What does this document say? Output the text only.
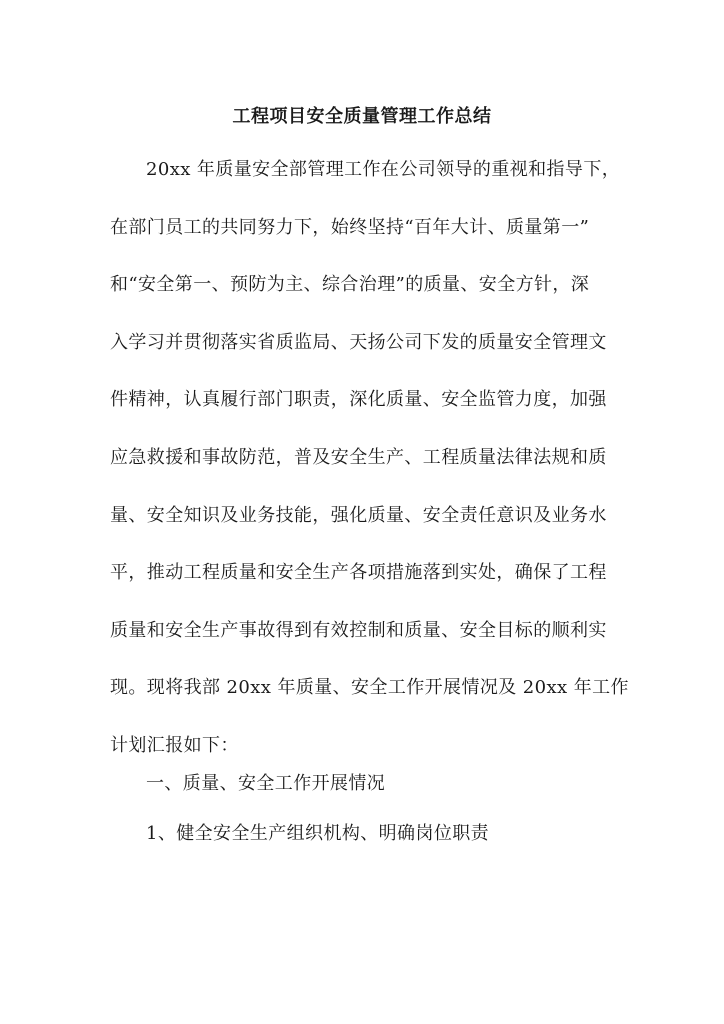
工程项目安全质量管理工作总结
20xx 年质量安全部管理工作在公司领导的重视和指导下，
在部门员工的共同努力下，始终坚持“百年大计、质量第一”
和“安全第一、预防为主、综合治理”的质量、安全方针，深
入学习并贯彻落实省质监局、天扬公司下发的质量安全管理文
件精神，认真履行部门职责，深化质量、安全监管力度，加强
应急救援和事故防范，普及安全生产、工程质量法律法规和质
量、安全知识及业务技能，强化质量、安全责任意识及业务水
平，推动工程质量和安全生产各项措施落到实处，确保了工程
质量和安全生产事故得到有效控制和质量、安全目标的顺利实
现。现将我部 20xx 年质量、安全工作开展情况及 20xx 年工作
计划汇报如下：
一、质量、安全工作开展情况
1、健全安全生产组织机构、明确岗位职责
